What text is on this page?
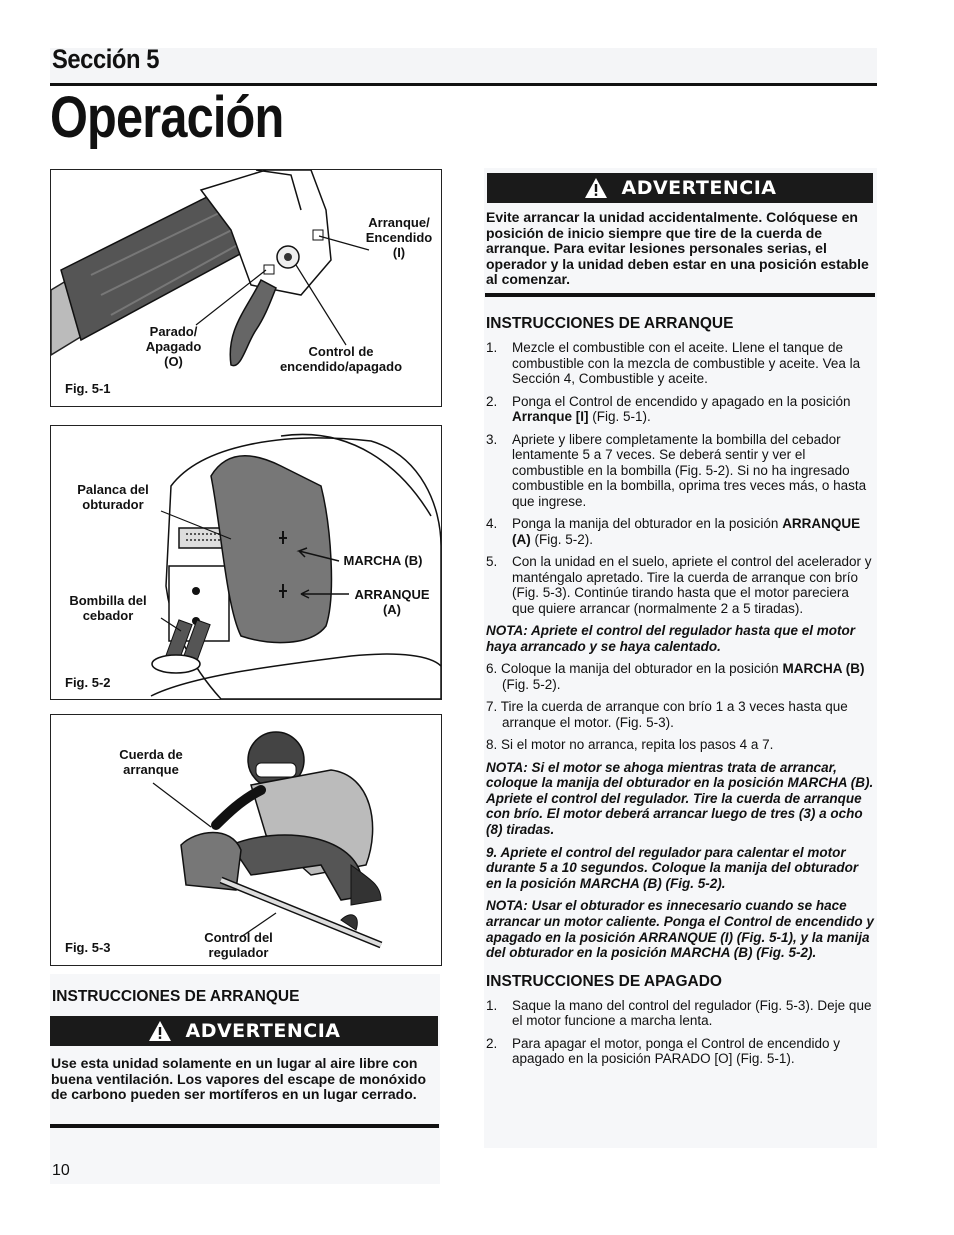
Sección 5
Operación
Arranque/
Encendido
(I)
Parado/
Apagado
(O)
Control de
encendido/apagado
Fig. 5-1
Palanca del
obturador
Bombilla del
cebador
MARCHA (B)
ARRANQUE
(A)
Fig. 5-2
Cuerda de
arranque
Control del
regulador
Fig. 5-3
INSTRUCCIONES DE ARRANQUE
ADVERTENCIA
Use esta unidad solamente en un lugar al aire libre con buena ventilación. Los vapores del escape de monóxido de carbono pueden ser mortíferos en un lugar cerrado.
10
ADVERTENCIA
Evite arrancar la unidad accidentalmente. Colóquese en posición de inicio siempre que tire de la cuerda de arranque. Para evitar lesiones personales serias, el operador y la unidad deben estar en una posición estable al comenzar.
INSTRUCCIONES DE ARRANQUE
1. Mezcle el combustible con el aceite. Llene el tanque de combustible con la mezcla de combustible y aceite. Vea la Sección 4, Combustible y aceite.
2. Ponga el Control de encendido y apagado en la posición Arranque [I] (Fig. 5-1).
3. Apriete y libere completamente la bombilla del cebador lentamente 5 a 7 veces. Se deberá sentir y ver el combustible en la bombilla (Fig. 5-2). Si no ha ingresado combustible en la bombilla, oprima tres veces más, o hasta que ingrese.
4. Ponga la manija del obturador en la posición ARRANQUE (A) (Fig. 5-2).
5. Con la unidad en el suelo, apriete el control del acelerador y manténgalo apretado. Tire la cuerda de arranque con brío (Fig. 5-3). Continúe tirando hasta que el motor pareciera que quiere arrancar (normalmente 2 a 5 tiradas).
NOTA: Apriete el control del regulador hasta que el motor haya arrancado y se haya calentado.
6. Coloque la manija del obturador en la posición MARCHA (B) (Fig. 5-2).
7. Tire la cuerda de arranque con brío 1 a 3 veces hasta que arranque el motor. (Fig. 5-3).
8. Si el motor no arranca, repita los pasos 4 a 7.
NOTA: Si el motor se ahoga mientras trata de arrancar, coloque la manija del obturador en la posición MARCHA (B). Apriete el control del regulador. Tire la cuerda de arranque con brío. El motor deberá arrancar luego de tres (3) a ocho (8) tiradas.
9. Apriete el control del regulador para calentar el motor durante 5 a 10 segundos. Coloque la manija del obturador en la posición MARCHA (B) (Fig. 5-2).
NOTA: Usar el obturador es innecesario cuando se hace arrancar un motor caliente. Ponga el Control de encendido y apagado en la posición ARRANQUE (I) (Fig. 5-1), y la manija del obturador en la posición MARCHA (B) (Fig. 5-2).
INSTRUCCIONES DE APAGADO
1. Saque la mano del control del regulador (Fig. 5-3). Deje que el motor funcione a marcha lenta.
2. Para apagar el motor, ponga el Control de encendido y apagado en la posición PARADO [O] (Fig. 5-1).
